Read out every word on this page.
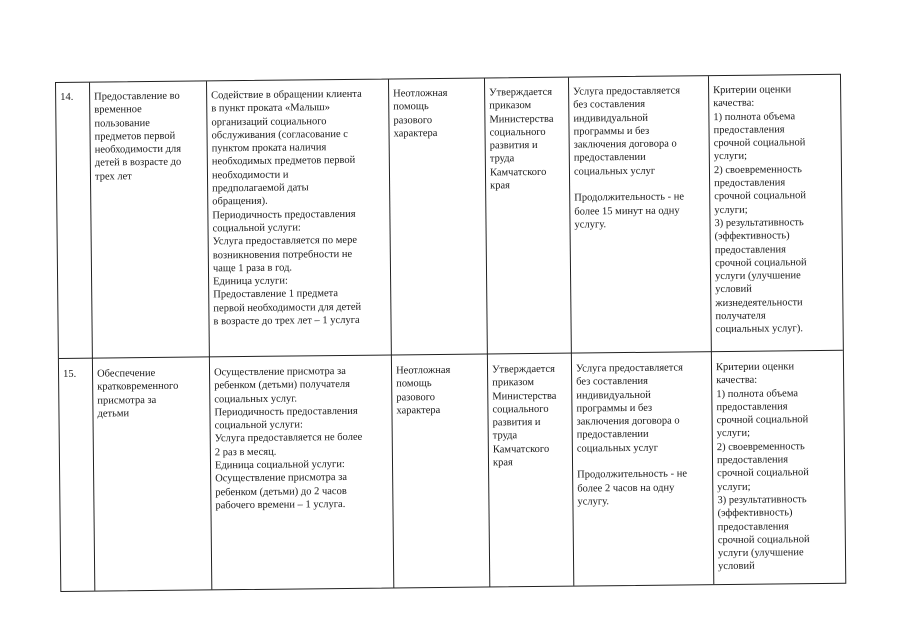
14.	Предоставление во
временное
пользование
предметов первой
необходимости для
детей в возрасте до
трех лет
Содействие в обращении клиента
в пункт проката «Малыш»
организаций социального
обслуживания (согласование с
пунктом проката наличия
необходимых предметов первой
необходимости и
предполагаемой даты
обращения).
Периодичность предоставления
социальной услуги:
Услуга предоставляется по мере
возникновения потребности не
чаще 1 раза в год.
Единица услуги:
Предоставление 1 предмета
первой необходимости для детей
в возрасте до трех лет – 1 услуга
Неотложная
помощь
разового
характера
Утверждается
приказом
Министерства
социального
развития и
труда
Камчатского
края
Услуга предоставляется
без составления
индивидуальной
программы и без
заключения договора о
предоставлении
социальных услуг

Продолжительность - не
более 15 минут на одну
услугу.
Критерии оценки
качества:
1) полнота объема
предоставления
срочной социальной
услуги;
2) своевременность
предоставления
срочной социальной
услуги;
3) результативность
(эффективность)
предоставления
срочной социальной
услуги (улучшение
условий
жизнедеятельности
получателя
социальных услуг).
15.	Обеспечение
кратковременного
присмотра за
детьми
Осуществление присмотра за
ребенком (детьми) получателя
социальных услуг.
Периодичность предоставления
социальной услуги:
Услуга предоставляется не более
2 раз в месяц.
Единица социальной услуги:
Осуществление присмотра за
ребенком (детьми) до 2 часов
рабочего времени – 1 услуга.
Неотложная
помощь
разового
характера
Утверждается
приказом
Министерства
социального
развития и
труда
Камчатского
края
Услуга предоставляется
без составления
индивидуальной
программы и без
заключения договора о
предоставлении
социальных услуг

Продолжительность - не
более 2 часов на одну
услугу.
Критерии оценки
качества:
1) полнота объема
предоставления
срочной социальной
услуги;
2) своевременность
предоставления
срочной социальной
услуги;
3) результативность
(эффективность)
предоставления
срочной социальной
услуги (улучшение
условий
